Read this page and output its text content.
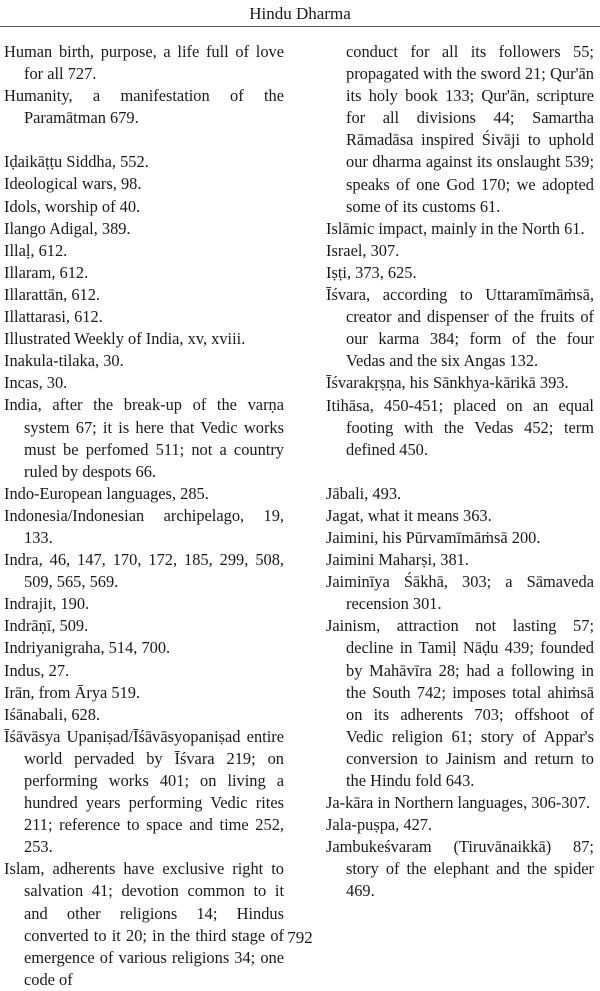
Hindu Dharma
Human birth, purpose, a life full of love for all 727.
Humanity, a manifestation of the Paramātman 679.
Iḍaikāṭṭu Siddha, 552.
Ideological wars, 98.
Idols, worship of 40.
Ilango Adigal, 389.
Illaḷ, 612.
Illaram, 612.
Illarattān, 612.
Illattarasi, 612.
Illustrated Weekly of India, xv, xviii.
Inakula-tilaka, 30.
Incas, 30.
India, after the break-up of the varṇa system 67; it is here that Vedic works must be perfomed 511; not a country ruled by despots 66.
Indo-European languages, 285.
Indonesia/Indonesian archipelago, 19, 133.
Indra, 46, 147, 170, 172, 185, 299, 508, 509, 565, 569.
Indrajit, 190.
Indrāṇī, 509.
Indriyanigraha, 514, 700.
Indus, 27.
Irān, from Ārya 519.
Iśānabali, 628.
Īśāvāsya Upaniṣad/Īśāvāsyopaniṣad entire world pervaded by Īśvara 219; on performing works 401; on living a hundred years performing Vedic rites 211; reference to space and time 252, 253.
Islam, adherents have exclusive right to salvation 41; devotion common to it and other religions 14; Hindus converted to it 20; in the third stage of emergence of various religions 34; one code of
conduct for all its followers 55; propagated with the sword 21; Qur'ān its holy book 133; Qur'ān, scripture for all divisions 44; Samartha Rāmadāsa inspired Śivāji to uphold our dharma against its onslaught 539; speaks of one God 170; we adopted some of its customs 61.
Islāmic impact, mainly in the North 61.
Israel, 307.
Iṣṭi, 373, 625.
Īśvara, according to Uttaramīmāṁsā, creator and dispenser of the fruits of our karma 384; form of the four Vedas and the six Angas 132.
Īśvarakṛṣṇa, his Sānkhya-kārikā 393.
Itihāsa, 450-451; placed on an equal footing with the Vedas 452; term defined 450.
Jābali, 493.
Jagat, what it means 363.
Jaimini, his Pūrvamīmāṁsā 200.
Jaimini Maharṣi, 381.
Jaiminīya Śākhā, 303; a Sāmaveda recension 301.
Jainism, attraction not lasting 57; decline in Tamiḷ Nāḍu 439; founded by Mahāvīra 28; had a following in the South 742; imposes total ahiṁsā on its adherents 703; offshoot of Vedic religion 61; story of Appar's conversion to Jainism and return to the Hindu fold 643.
Ja-kāra in Northern languages, 306-307.
Jala-puṣpa, 427.
Jambukeśvaram (Tiruvānaikkā) 87; story of the elephant and the spider 469.
792
